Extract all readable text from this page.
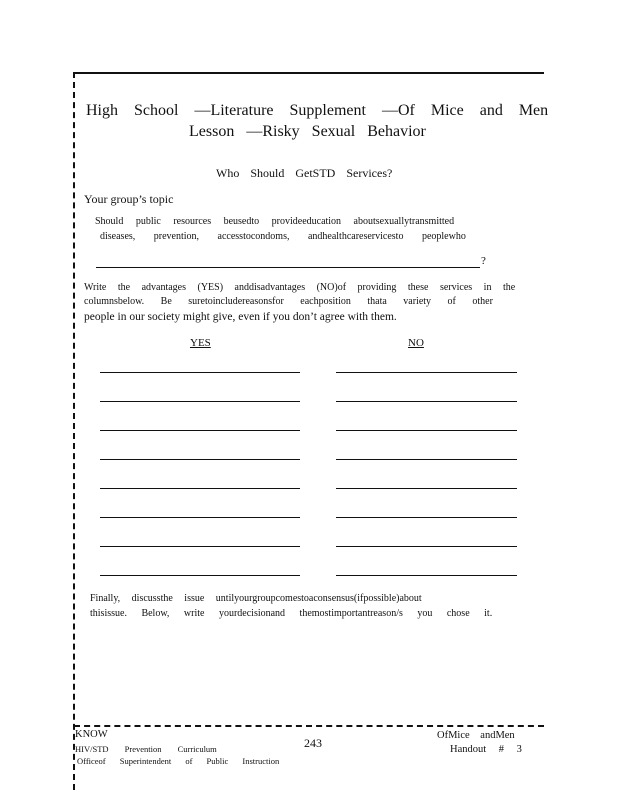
High School —Literature Supplement —Of Mice and Men
Lesson —Risky Sexual Behavior
Who Should GetSTD Services?
Your group’s topic
Should public resources beusedto provideeducation aboutsexuallytransmitted
diseases, prevention, accesstocondoms, andhealthcareservicesto peoplewho
?
Write the advantages (YES) anddisadvantages (NO)of providing these services in the
columnsbelow. Be suretoincludereasonsfor eachposition thata variety of other
people in our society might give, even if you don’t agree with them.
YES	NO
Finally, discussthe issue untilyourgroupcomestoaconsensus(ifpossible)about
thisissue. Below, write yourdecisionand themostimportantreason/s you chose it.
KNOW
HIV/STD Prevention Curriculum
Officeof Superintendent of Public Instruction
243
OfMice andMen
Handout # 3
